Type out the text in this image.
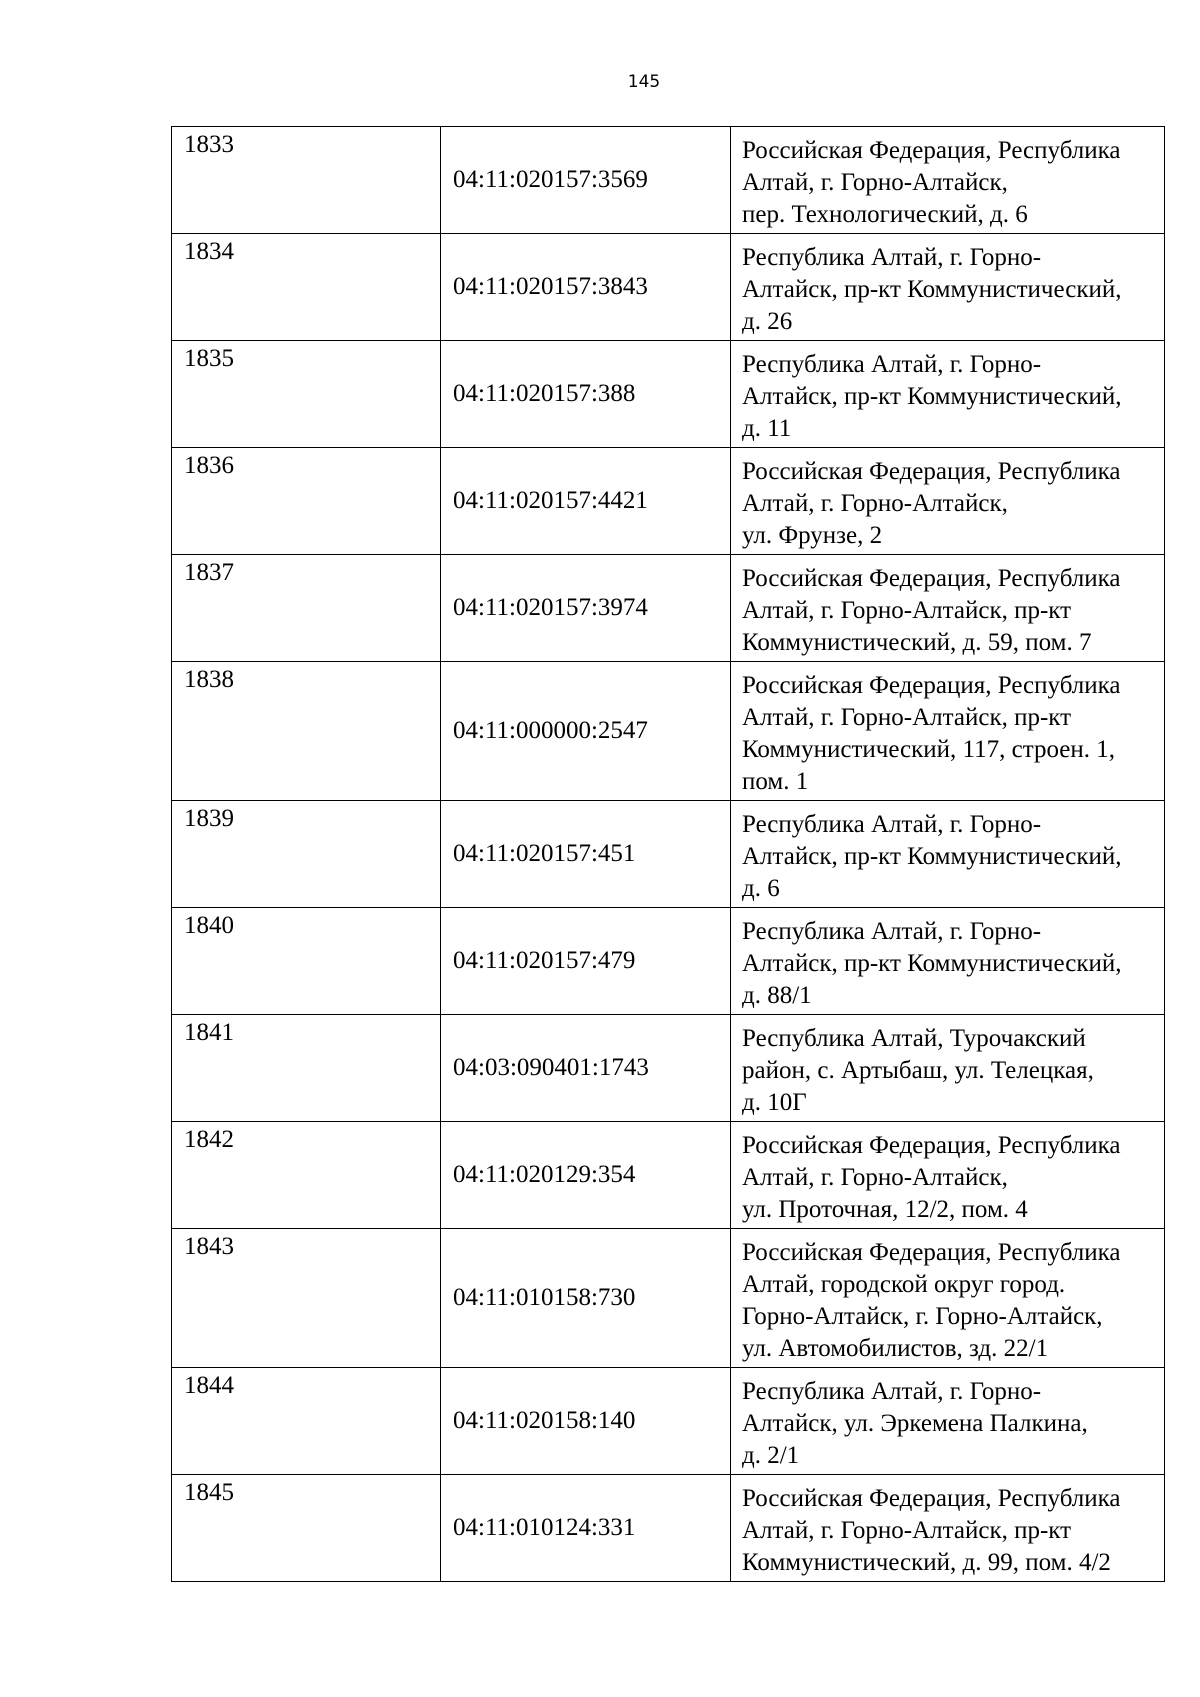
145
1833	04:11:020157:3569	Российская Федерация, Республика
Алтай, г. Горно-Алтайск,
пер. Технологический, д. 6

1834	04:11:020157:3843	Республика Алтай, г. Горно-
Алтайск, пр-кт Коммунистический,
д. 26

1835	04:11:020157:388	Республика Алтай, г. Горно-
Алтайск, пр-кт Коммунистический,
д. 11

1836	04:11:020157:4421	Российская Федерация, Республика
Алтай, г. Горно-Алтайск,
ул. Фрунзе, 2

1837	04:11:020157:3974	Российская Федерация, Республика
Алтай, г. Горно-Алтайск, пр-кт
Коммунистический, д. 59, пом. 7

1838	04:11:000000:2547	Российская Федерация, Республика
Алтай, г. Горно-Алтайск, пр-кт
Коммунистический, 117, строен. 1,
пом. 1

1839	04:11:020157:451	Республика Алтай, г. Горно-
Алтайск, пр-кт Коммунистический,
д. 6

1840	04:11:020157:479	Республика Алтай, г. Горно-
Алтайск, пр-кт Коммунистический,
д. 88/1

1841	04:03:090401:1743	Республика Алтай, Турочакский
район, с. Артыбаш, ул. Телецкая,
д. 10Г

1842	04:11:020129:354	Российская Федерация, Республика
Алтай, г. Горно-Алтайск,
ул. Проточная, 12/2, пом. 4

1843	04:11:010158:730	Российская Федерация, Республика
Алтай, городской округ город.
Горно-Алтайск, г. Горно-Алтайск,
ул. Автомобилистов, зд. 22/1

1844	04:11:020158:140	Республика Алтай, г. Горно-
Алтайск, ул. Эркемена Палкина,
д. 2/1

1845	04:11:010124:331	Российская Федерация, Республика
Алтай, г. Горно-Алтайск, пр-кт
Коммунистический, д. 99, пом. 4/2
